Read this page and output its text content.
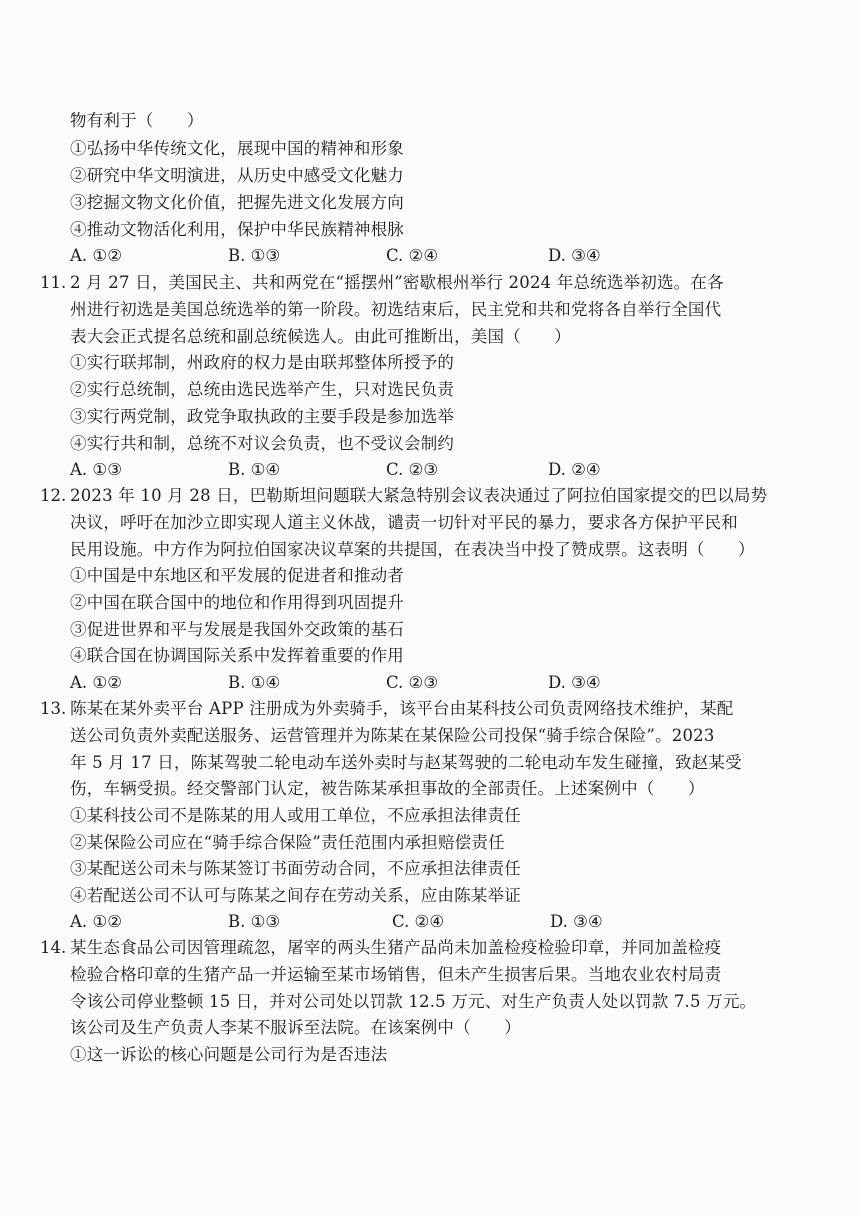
物有利于（　　）
①弘扬中华传统文化，展现中国的精神和形象
②研究中华文明演进，从历史中感受文化魅力
③挖掘文物文化价值，把握先进文化发展方向
④推动文物活化利用，保护中华民族精神根脉
A. ①②	B. ①③	C. ②④	D. ③④
11. 2 月 27 日，美国民主、共和两党在“摇摆州”密歇根州举行 2024 年总统选举初选。在各
州进行初选是美国总统选举的第一阶段。初选结束后，民主党和共和党将各自举行全国代
表大会正式提名总统和副总统候选人。由此可推断出，美国（　　）
①实行联邦制，州政府的权力是由联邦整体所授予的
②实行总统制，总统由选民选举产生，只对选民负责
③实行两党制，政党争取执政的主要手段是参加选举
④实行共和制，总统不对议会负责，也不受议会制约
A. ①③	B. ①④	C. ②③	D. ②④
12. 2023 年 10 月 28 日，巴勒斯坦问题联大紧急特别会议表决通过了阿拉伯国家提交的巴以局势
决议，呼吁在加沙立即实现人道主义休战，谴责一切针对平民的暴力，要求各方保护平民和
民用设施。中方作为阿拉伯国家决议草案的共提国，在表决当中投了赞成票。这表明（　　）
①中国是中东地区和平发展的促进者和推动者
②中国在联合国中的地位和作用得到巩固提升
③促进世界和平与发展是我国外交政策的基石
④联合国在协调国际关系中发挥着重要的作用
A. ①②	B. ①④	C. ②③	D. ③④
13. 陈某在某外卖平台 APP 注册成为外卖骑手，该平台由某科技公司负责网络技术维护，某配
送公司负责外卖配送服务、运营管理并为陈某在某保险公司投保“骑手综合保险”。2023
年 5 月 17 日，陈某驾驶二轮电动车送外卖时与赵某驾驶的二轮电动车发生碰撞，致赵某受
伤，车辆受损。经交警部门认定，被告陈某承担事故的全部责任。上述案例中（　　）
①某科技公司不是陈某的用人或用工单位，不应承担法律责任
②某保险公司应在“骑手综合保险”责任范围内承担赔偿责任
③某配送公司未与陈某签订书面劳动合同，不应承担法律责任
④若配送公司不认可与陈某之间存在劳动关系，应由陈某举证
A. ①②	B. ①③	C. ②④	D. ③④
14. 某生态食品公司因管理疏忽，屠宰的两头生猪产品尚未加盖检疫检验印章，并同加盖检疫
检验合格印章的生猪产品一并运输至某市场销售，但未产生损害后果。当地农业农村局责
令该公司停业整顿 15 日，并对公司处以罚款 12.5 万元、对生产负责人处以罚款 7.5 万元。
该公司及生产负责人李某不服诉至法院。在该案例中（　　）
①这一诉讼的核心问题是公司行为是否违法
